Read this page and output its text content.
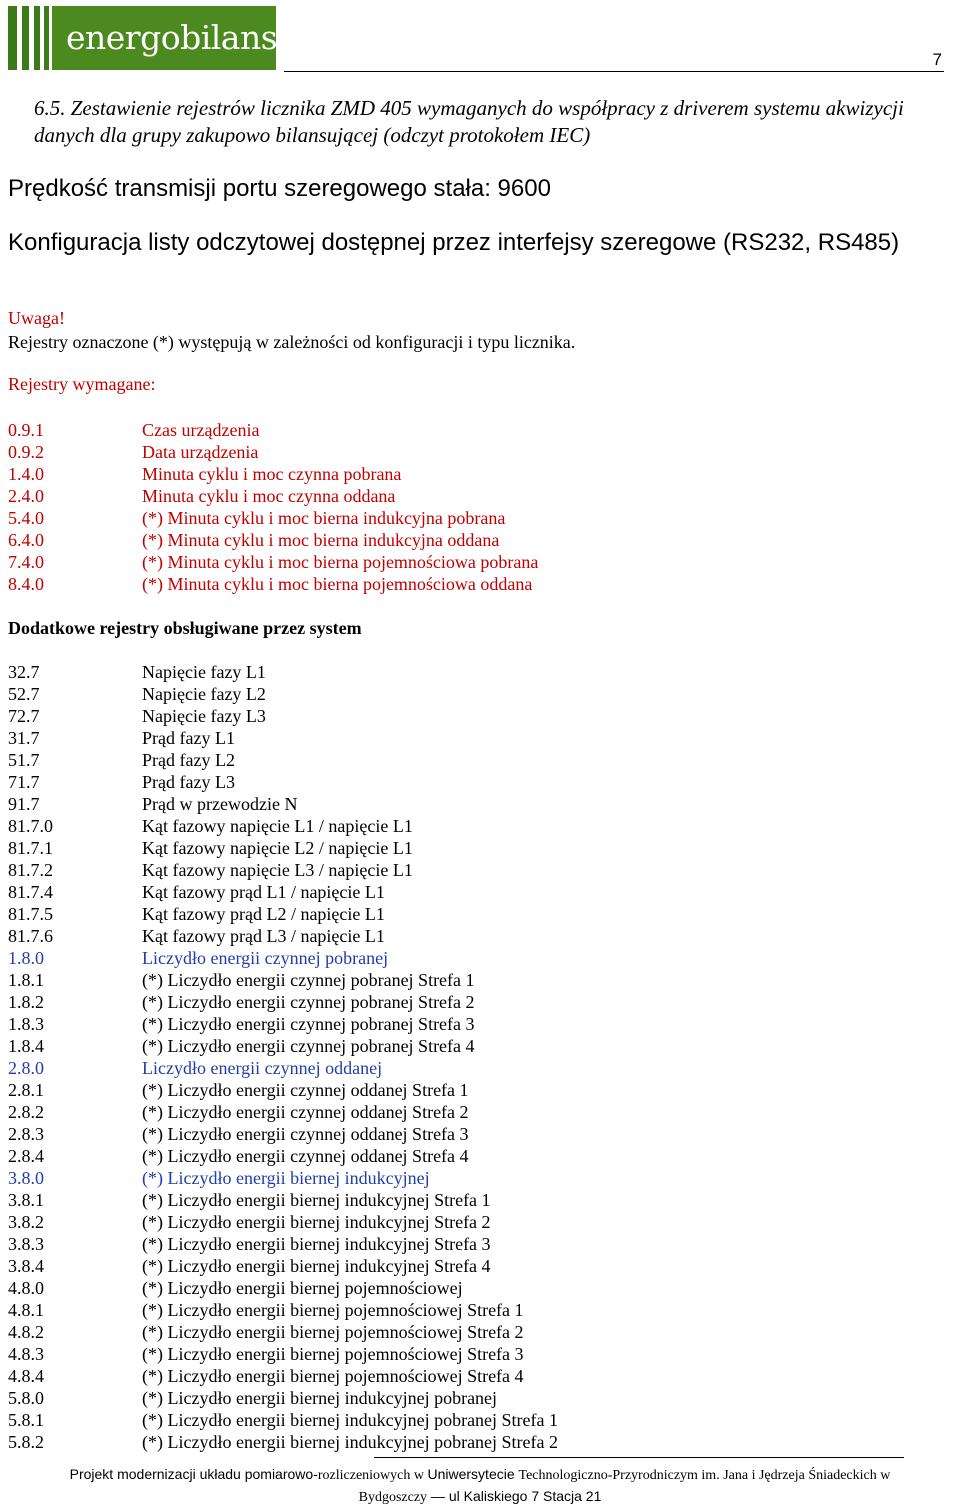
energobilans
7
6.5. Zestawienie rejestrów licznika ZMD 405 wymaganych do współpracy z driverem systemu akwizycji danych dla grupy zakupowo bilansującej (odczyt protokołem IEC)
Prędkość transmisji portu szeregowego stała: 9600
Konfiguracja listy odczytowej dostępnej przez interfejsy szeregowe (RS232, RS485)
Uwaga!
Rejestry oznaczone (*) występują w zależności od konfiguracji i typu licznika.
Rejestry wymagane:
0.9.1	Czas urządzenia
0.9.2	Data urządzenia
1.4.0	Minuta cyklu i moc czynna pobrana
2.4.0	Minuta cyklu i moc czynna oddana
5.4.0	(*) Minuta cyklu i moc bierna indukcyjna pobrana
6.4.0	(*) Minuta cyklu i moc bierna indukcyjna oddana
7.4.0	(*) Minuta cyklu i moc bierna pojemnościowa pobrana
8.4.0	(*) Minuta cyklu i moc bierna pojemnościowa oddana
Dodatkowe rejestry obsługiwane przez system
32.7	Napięcie fazy L1
52.7	Napięcie fazy L2
72.7	Napięcie fazy L3
31.7	Prąd fazy L1
51.7	Prąd fazy L2
71.7	Prąd fazy L3
91.7	Prąd w przewodzie N
81.7.0	Kąt fazowy napięcie L1 / napięcie L1
81.7.1	Kąt fazowy napięcie L2 / napięcie L1
81.7.2	Kąt fazowy napięcie L3 / napięcie L1
81.7.4	Kąt fazowy prąd L1 / napięcie L1
81.7.5	Kąt fazowy prąd L2 / napięcie L1
81.7.6	Kąt fazowy prąd L3 / napięcie L1
1.8.0	Liczydło energii czynnej pobranej
1.8.1	(*) Liczydło energii czynnej pobranej Strefa 1
1.8.2	(*) Liczydło energii czynnej pobranej Strefa 2
1.8.3	(*) Liczydło energii czynnej pobranej Strefa 3
1.8.4	(*) Liczydło energii czynnej pobranej Strefa 4
2.8.0	Liczydło energii czynnej oddanej
2.8.1	(*) Liczydło energii czynnej oddanej Strefa 1
2.8.2	(*) Liczydło energii czynnej oddanej Strefa 2
2.8.3	(*) Liczydło energii czynnej oddanej Strefa 3
2.8.4	(*) Liczydło energii czynnej oddanej Strefa 4
3.8.0	(*) Liczydło energii biernej indukcyjnej
3.8.1	(*) Liczydło energii biernej indukcyjnej Strefa 1
3.8.2	(*) Liczydło energii biernej indukcyjnej Strefa 2
3.8.3	(*) Liczydło energii biernej indukcyjnej Strefa 3
3.8.4	(*) Liczydło energii biernej indukcyjnej Strefa 4
4.8.0	(*) Liczydło energii biernej pojemnościowej
4.8.1	(*) Liczydło energii biernej pojemnościowej Strefa 1
4.8.2	(*) Liczydło energii biernej pojemnościowej Strefa 2
4.8.3	(*) Liczydło energii biernej pojemnościowej Strefa 3
4.8.4	(*) Liczydło energii biernej pojemnościowej Strefa 4
5.8.0	(*) Liczydło energii biernej indukcyjnej pobranej
5.8.1	(*) Liczydło energii biernej indukcyjnej pobranej Strefa 1
5.8.2	(*) Liczydło energii biernej indukcyjnej pobranej Strefa 2
Projekt modernizacji układu pomiarowo-rozliczeniowych w Uniwersytecie Technologiczno-Przyrodniczym im. Jana i Jędrzeja Śniadeckich w
Bydgoszczy — ul Kaliskiego 7 Stacja 21
